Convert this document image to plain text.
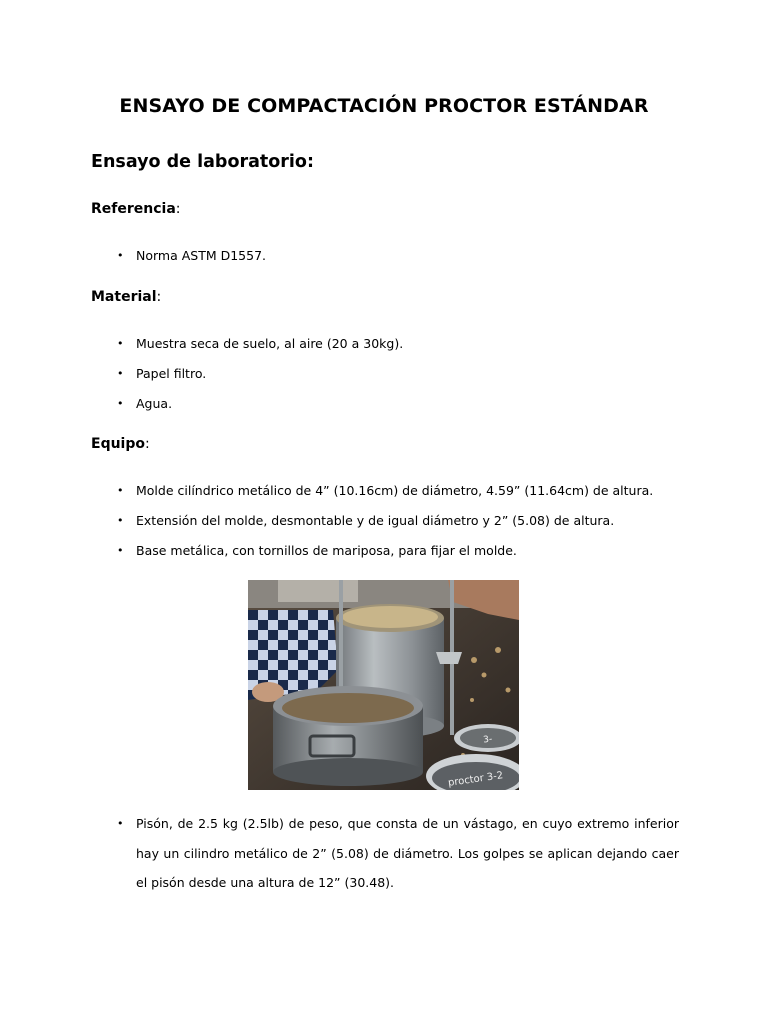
ENSAYO DE COMPACTACIÓN PROCTOR ESTÁNDAR
Ensayo de laboratorio:
Referencia:
• Norma ASTM D1557.
Material:
• Muestra seca de suelo, al aire (20 a 30kg).
• Papel filtro.
• Agua.
Equipo:
• Molde cilíndrico metálico de 4” (10.16cm) de diámetro, 4.59” (11.64cm) de altura.
• Extensión del molde, desmontable y de igual diámetro y 2” (5.08) de altura.
• Base metálica, con tornillos de mariposa, para fijar el molde.
3-
proctor 3-2
• Pisón, de 2.5 kg (2.5lb) de peso, que consta de un vástago, en cuyo extremo inferior hay un cilindro metálico de 2” (5.08) de diámetro. Los golpes se aplican dejando caer el pisón desde una altura de 12” (30.48).
